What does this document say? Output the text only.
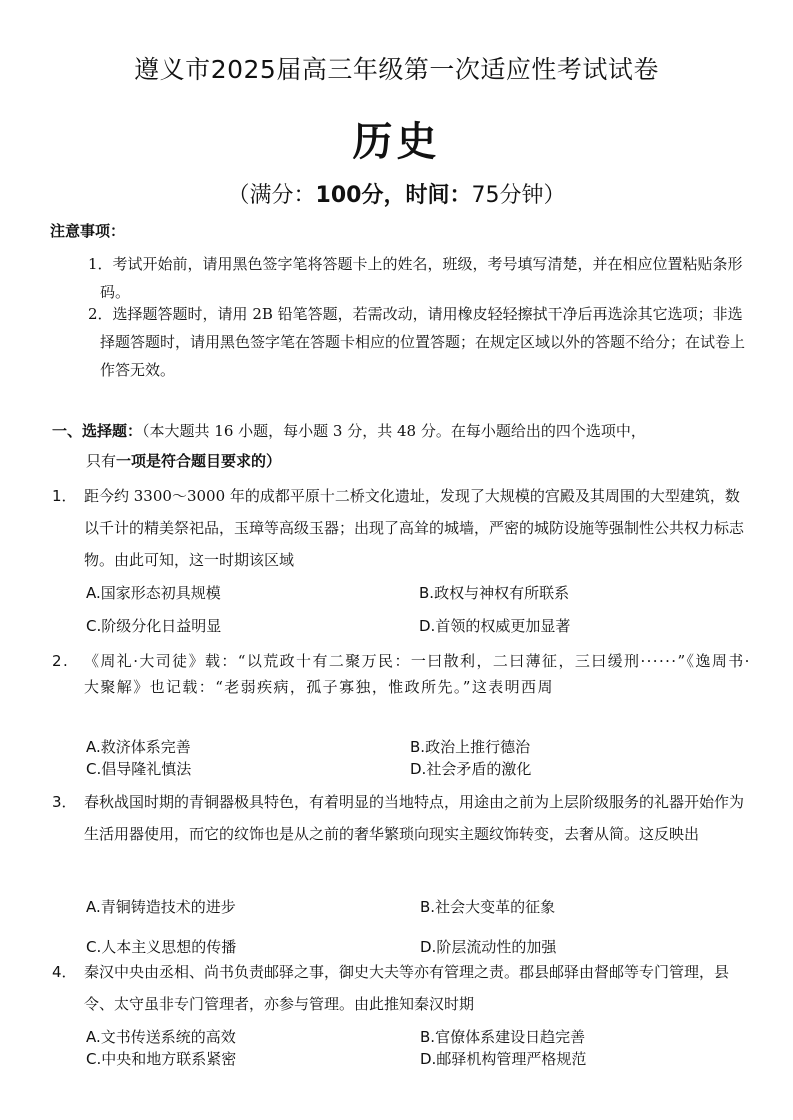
遵义市2025届高三年级第一次适应性考试试卷
历史
（满分：100分，时间：75分钟）
注意事项：
1．考试开始前，请用黑色签字笔将答题卡上的姓名，班级，考号填写清楚，并在相应位置粘贴条形码。
2．选择题答题时，请用 2B 铅笔答题，若需改动，请用橡皮轻轻擦拭干净后再选涂其它选项；非选择题答题时，请用黑色签字笔在答题卡相应的位置答题；在规定区域以外的答题不给分；在试卷上作答无效。
一、选择题：（本大题共 16 小题，每小题 3 分，共 48 分。在每小题给出的四个选项中，
只有一项是符合题目要求的）
1． 距今约 3300～3000 年的成都平原十二桥文化遗址，发现了大规模的宫殿及其周围的大型建筑，数以千计的精美祭祀品，玉璋等高级玉器；出现了高耸的城墙，严密的城防设施等强制性公共权力标志物。由此可知，这一时期该区域
A.国家形态初具规模	B.政权与神权有所联系
C.阶级分化日益明显	D.首领的权威更加显著
2. 《周礼·大司徒》载：“以荒政十有二聚万民：一曰散利，二曰薄征，三曰缓刑······”《逸周书·大聚解》也记载：“老弱疾病，孤子寡独，惟政所先。”这表明西周
A.救济体系完善	B.政治上推行德治
C.倡导隆礼慎法	D.社会矛盾的激化
3． 春秋战国时期的青铜器极具特色，有着明显的当地特点，用途由之前为上层阶级服务的礼器开始作为生活用器使用，而它的纹饰也是从之前的奢华繁琐向现实主题纹饰转变，去奢从简。这反映出
A.青铜铸造技术的进步	B.社会大变革的征象
C.人本主义思想的传播	D.阶层流动性的加强
4． 秦汉中央由丞相、尚书负责邮驿之事，御史大夫等亦有管理之责。郡县邮驿由督邮等专门管理，县令、太守虽非专门管理者，亦参与管理。由此推知秦汉时期
A.文书传送系统的高效	B.官僚体系建设日趋完善
C.中央和地方联系紧密	D.邮驿机构管理严格规范
